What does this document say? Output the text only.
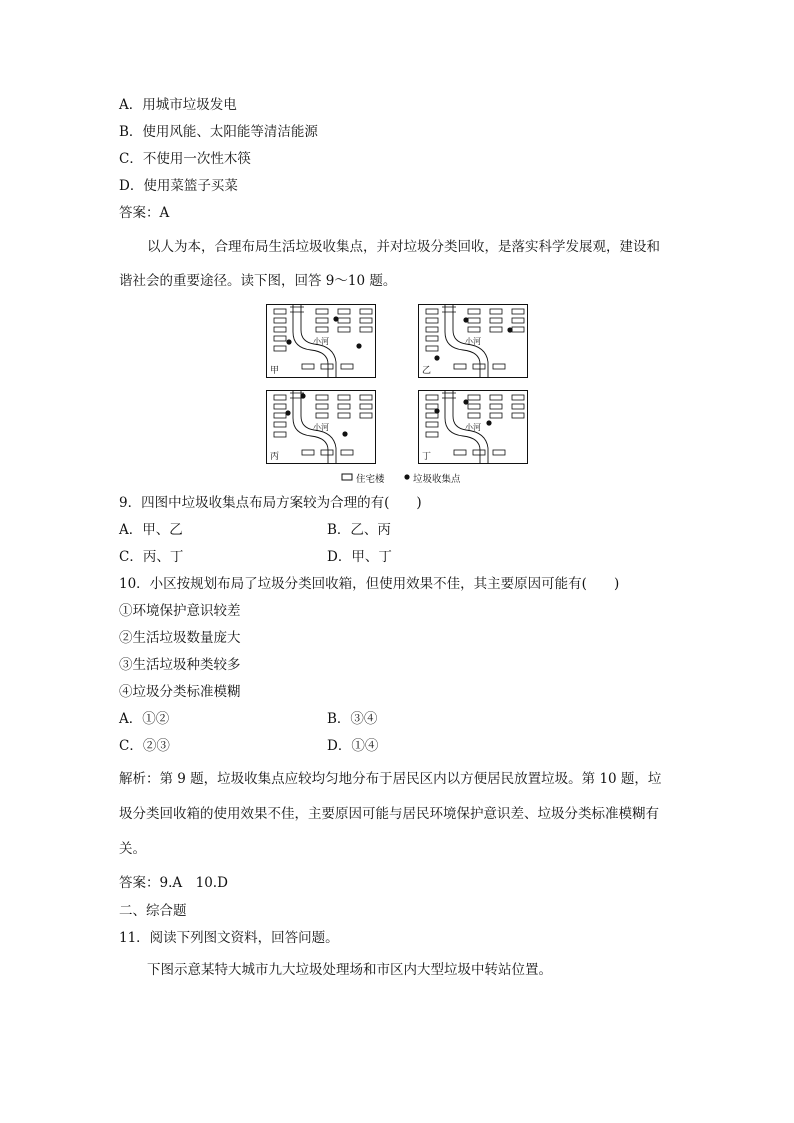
A．用城市垃圾发电
B．使用风能、太阳能等清洁能源
C．不使用一次性木筷
D．使用菜篮子买菜
答案：A
以人为本，合理布局生活垃圾收集点，并对垃圾分类回收，是落实科学发展观，建设和
谐社会的重要途径。读下图，回答 9～10 题。
小河
甲
小河
乙
小河
丙
小河
丁
住宅楼	垃圾收集点
9．四图中垃圾收集点布局方案较为合理的有(　　)
A．甲、乙	B．乙、丙
C．丙、丁	D．甲、丁
10．小区按规划布局了垃圾分类回收箱，但使用效果不佳，其主要原因可能有(　　)
①环境保护意识较差
②生活垃圾数量庞大
③生活垃圾种类较多
④垃圾分类标准模糊
A．①②	B．③④
C．②③	D．①④
解析：第 9 题，垃圾收集点应较均匀地分布于居民区内以方便居民放置垃圾。第 10 题，垃
圾分类回收箱的使用效果不佳，主要原因可能与居民环境保护意识差、垃圾分类标准模糊有
关。
答案：9.A　10.D
二、综合题
11．阅读下列图文资料，回答问题。
下图示意某特大城市九大垃圾处理场和市区内大型垃圾中转站位置。
